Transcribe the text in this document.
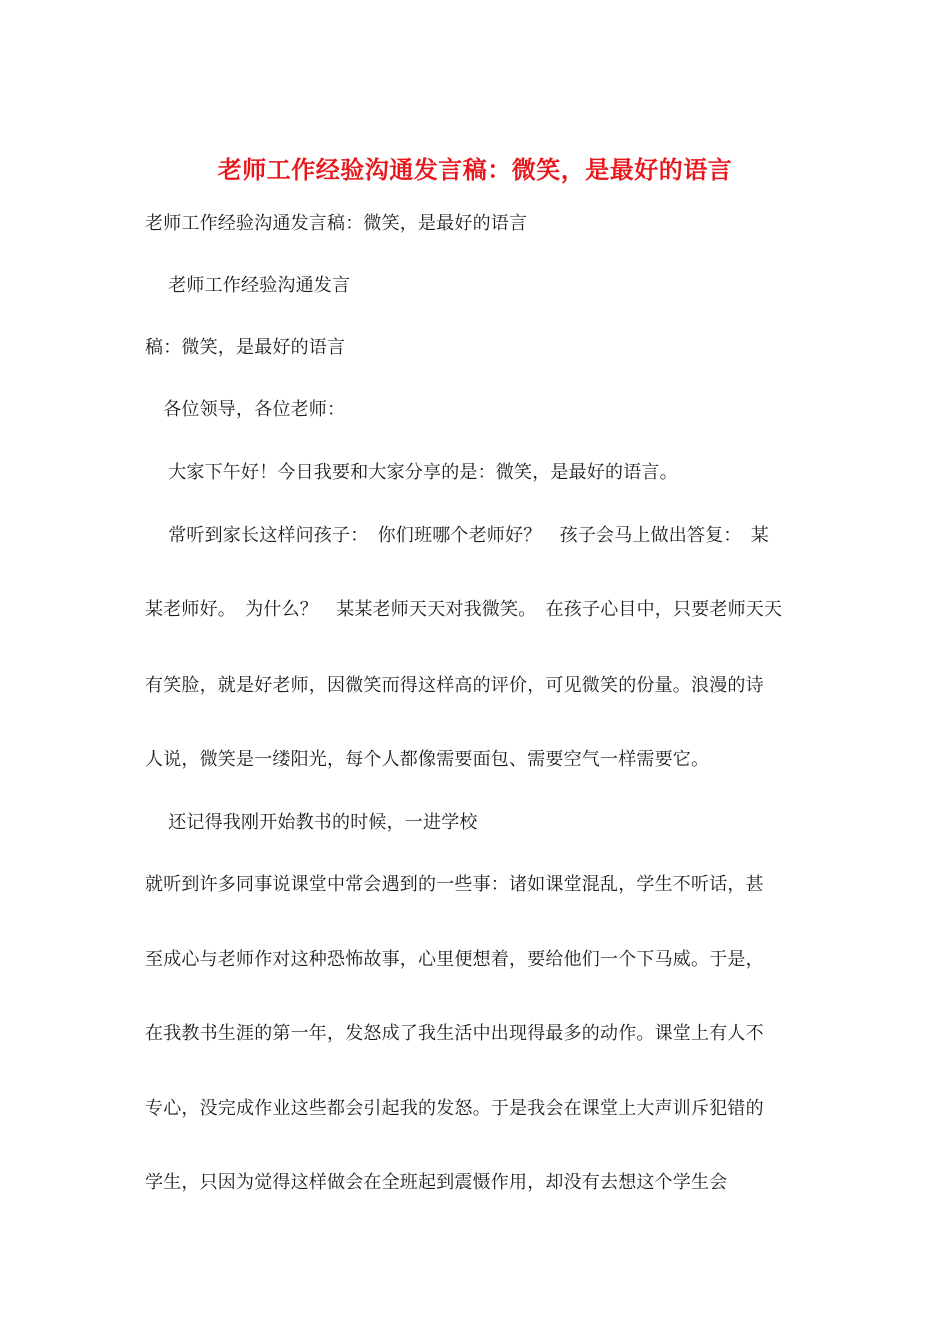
老师工作经验沟通发言稿：微笑，是最好的语言
老师工作经验沟通发言稿：微笑，是最好的语言
　老师工作经验沟通发言
稿：微笑，是最好的语言
　各位领导，各位老师：
　大家下午好！今日我要和大家分享的是：微笑，是最好的语言。
　常听到家长这样问孩子：　你们班哪个老师好？　孩子会马上做出答复：　某
某老师好。　为什么？　某某老师天天对我微笑。　在孩子心目中，只要老师天天
有笑脸，就是好老师，因微笑而得这样高的评价，可见微笑的份量。浪漫的诗
人说，微笑是一缕阳光，每个人都像需要面包、需要空气一样需要它。
　还记得我刚开始教书的时候，一进学校
就听到许多同事说课堂中常会遇到的一些事：诸如课堂混乱，学生不听话，甚
至成心与老师作对这种恐怖故事，心里便想着，要给他们一个下马威。于是，
在我教书生涯的第一年，发怒成了我生活中出现得最多的动作。课堂上有人不
专心，没完成作业这些都会引起我的发怒。于是我会在课堂上大声训斥犯错的
学生，只因为觉得这样做会在全班起到震慑作用，却没有去想这个学生会
